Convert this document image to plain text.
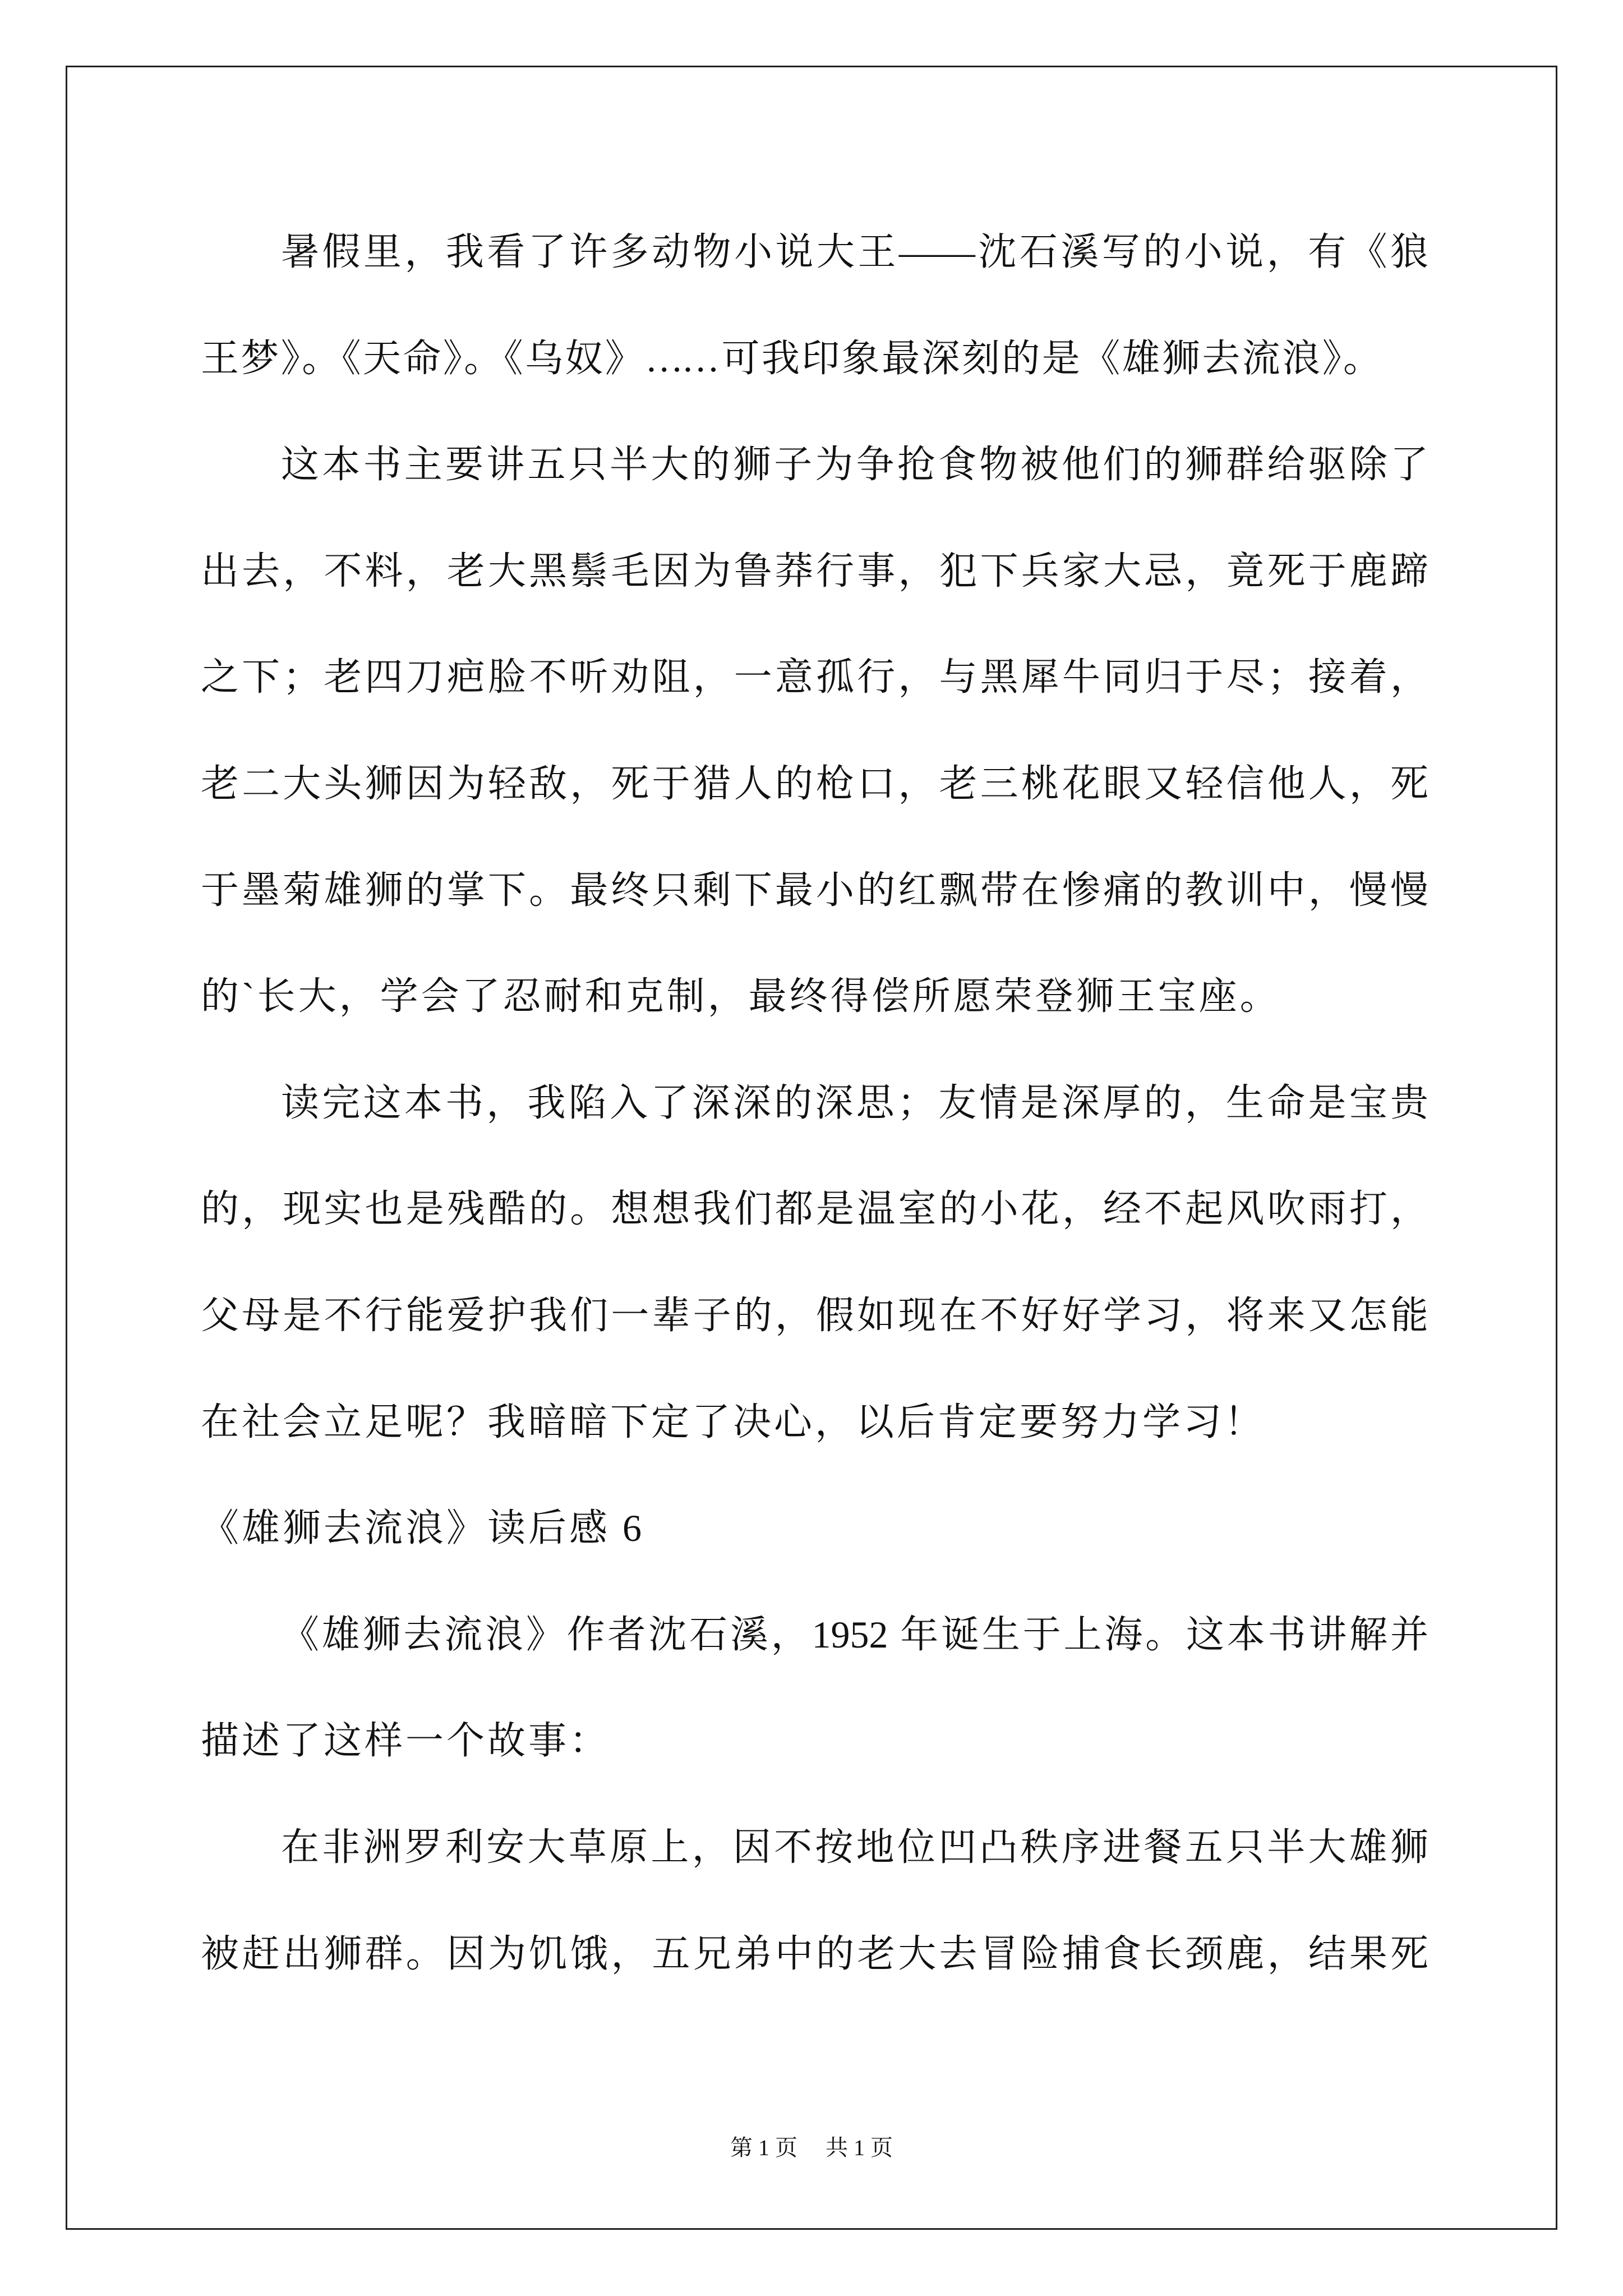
暑假里，我看了许多动物小说大王——沈石溪写的小说，有《狼
王梦》。《天命》。《乌奴》……可我印象最深刻的是《雄狮去流浪》。
这本书主要讲五只半大的狮子为争抢食物被他们的狮群给驱除了
出去，不料，老大黑鬃毛因为鲁莽行事，犯下兵家大忌，竟死于鹿蹄
之下；老四刀疤脸不听劝阻，一意孤行，与黑犀牛同归于尽；接着，
老二大头狮因为轻敌，死于猎人的枪口，老三桃花眼又轻信他人，死
于墨菊雄狮的掌下。最终只剩下最小的红飘带在惨痛的教训中，慢慢
的`长大，学会了忍耐和克制，最终得偿所愿荣登狮王宝座。
读完这本书，我陷入了深深的深思；友情是深厚的，生命是宝贵
的，现实也是残酷的。想想我们都是温室的小花，经不起风吹雨打，
父母是不行能爱护我们一辈子的，假如现在不好好学习，将来又怎能
在社会立足呢？我暗暗下定了决心，以后肯定要努力学习！
《雄狮去流浪》读后感 6
《雄狮去流浪》作者沈石溪，1952 年诞生于上海。这本书讲解并
描述了这样一个故事：
在非洲罗利安大草原上，因不按地位凹凸秩序进餐五只半大雄狮
被赶出狮群。因为饥饿，五兄弟中的老大去冒险捕食长颈鹿，结果死
第 1 页 共 1 页
